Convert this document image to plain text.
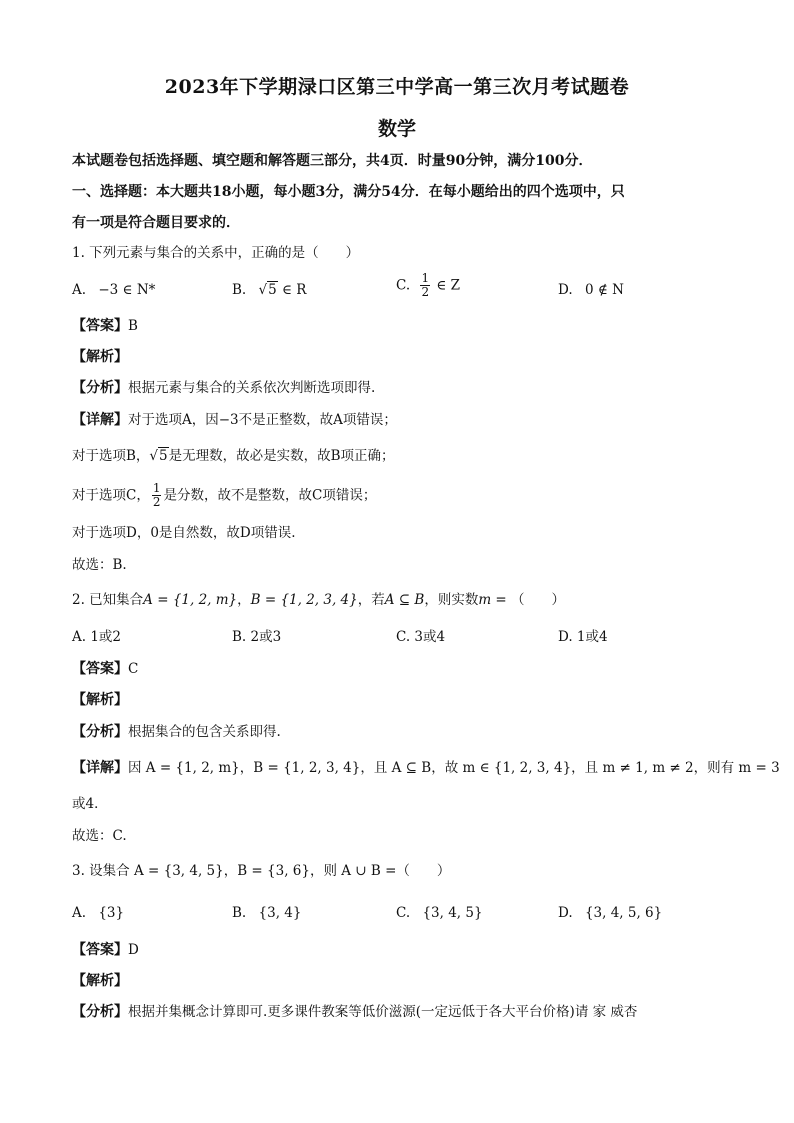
2023年下学期渌口区第三中学高一第三次月考试题卷
数学
本试题卷包括选择题、填空题和解答题三部分，共4页．时量90分钟，满分100分．
一、选择题：本大题共18小题，每小题3分，满分54分．在每小题给出的四个选项中，只
有一项是符合题目要求的．
1. 下列元素与集合的关系中，正确的是（　　）
A. −3 ∈ N*	B. √5 ∈ R	C. $\frac{1}{2}$ ∈ Z	D. 0 ∉ N
【答案】B
【解析】
【分析】根据元素与集合的关系依次判断选项即得.
【详解】对于选项A，因−3不是正整数，故A项错误；
对于选项B，√5是无理数，故必是实数，故B项正确；
对于选项C， $\frac{1}{2}$ 是分数，故不是整数，故C项错误；
对于选项D，0是自然数，故D项错误.
故选：B.
2. 已知集合A = {1, 2, m}，B = {1, 2, 3, 4}，若A ⊆ B，则实数m = （　　）
A. 1或2	B. 2或3	C. 3或4	D. 1或4
【答案】C
【解析】
【分析】根据集合的包含关系即得.
【详解】因 A = {1, 2, m}，B = {1, 2, 3, 4}，且 A ⊆ B，故 m ∈ {1, 2, 3, 4}，且 m ≠ 1, m ≠ 2，则有 m = 3
或4．
故选：C.
3. 设集合 A = {3, 4, 5}，B = {3, 6}，则 A ∪ B =（　　）
A. {3}	B. {3, 4}	C. {3, 4, 5}	D. {3, 4, 5, 6}
【答案】D
【解析】
【分析】根据并集概念计算即可.更多课件教案等低价滋源(一定远低于各大平台价格)请 家 威杏
